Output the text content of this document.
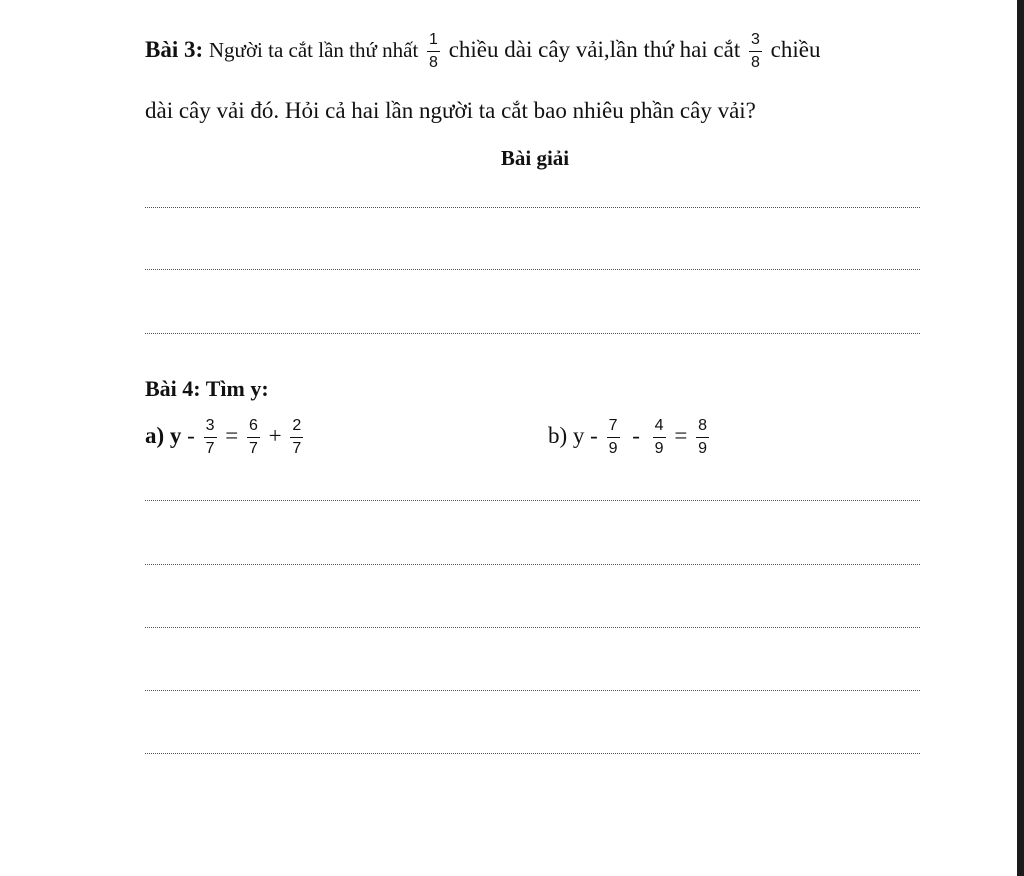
Bài 3: Người ta cắt lần thứ nhất $\frac{1}{8}$ chiều dài cây vải,lần thứ hai cắt $\frac{3}{8}$ chiều
dài cây vải đó. Hỏi cả hai lần người ta cắt bao nhiêu phần cây vải?
Bài giải
Bài 4: Tìm y:
a) $y - \frac{3}{7} = \frac{6}{7} + \frac{2}{7}$	b) $y - \frac{7}{9} - \frac{4}{9} = \frac{8}{9}$
